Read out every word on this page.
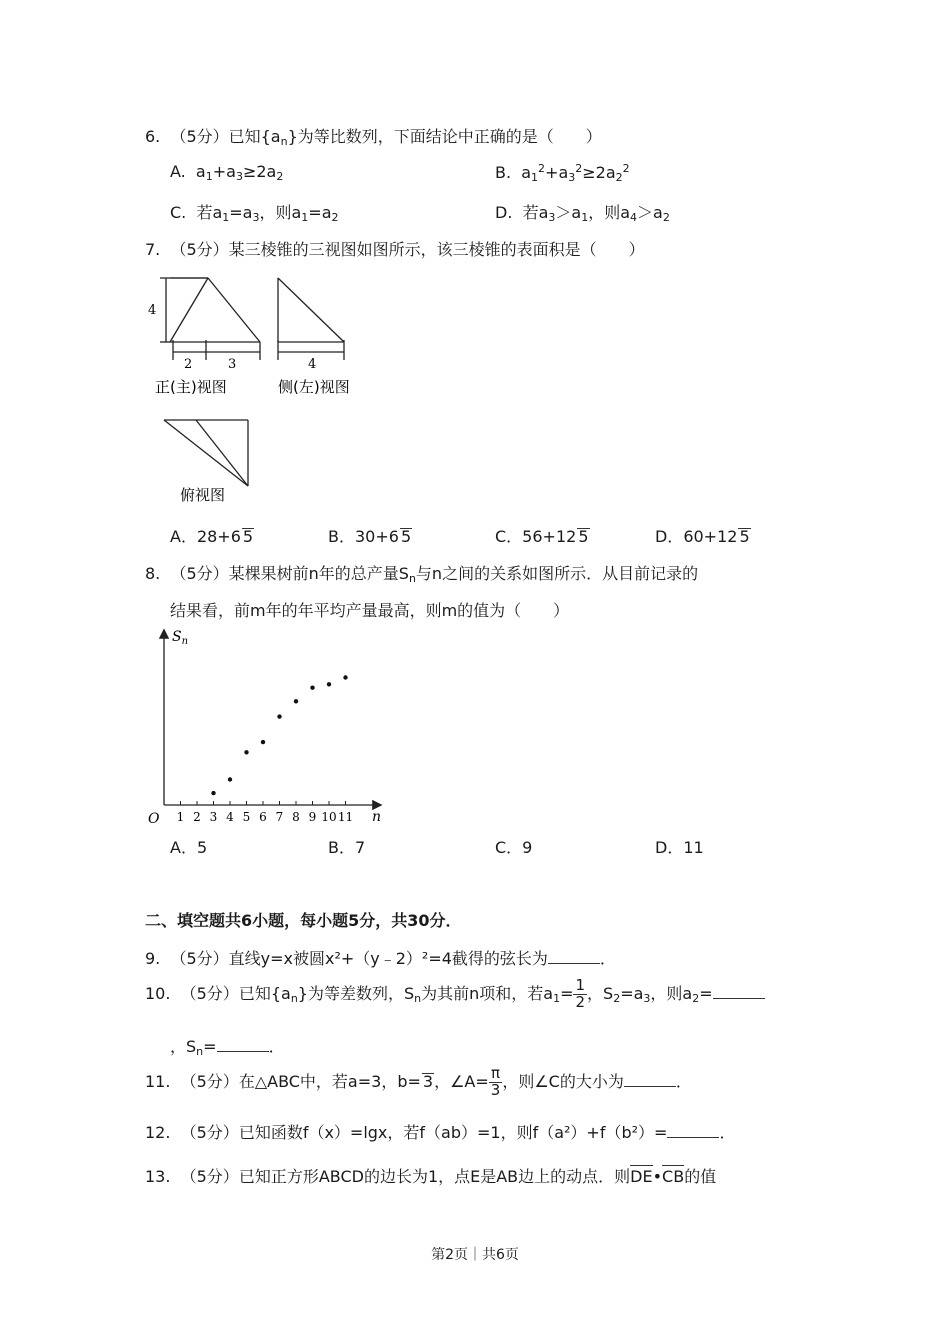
6. （5分）已知$\{a_n\}$为等比数列，下面结论中正确的是（　　）
A.  $a_1+a_3\ge 2a_2$	B.  $a_1^2+a_3^2\ge 2a_2^2$
C.  若$a_1=a_3$，则$a_1=a_2$	D.  若$a_3>a_1$，则$a_4>a_2$
7. （5分）某三棱锥的三视图如图所示，该三棱锥的表面积是（　　）
4
2	3
正(主)视图
4
侧(左)视图
俯视图
A．28+6 5	B．30+6 5	C．56+12 5	D．60+12 5
8. （5分）某棵果树前n年的总产量$S_n$与n之间的关系如图所示．从目前记录的
结果看，前m年的年平均产量最高，则m的值为（　　）
$S_n$
n
O 1 2 3 4 5 6 7 8 9 10 11
A．5	B．7	C．9	D．11
二、填空题共6小题，每小题5分，共30分．
9. （5分）直线y=x被圆x²+（y﹣2）²=4截得的弦长为	．
10. （5分）已知$\{a_n\}$为等差数列，$S_n$为其前n项和，若$a_1= \frac{1}{2}$ ，$S_2=a_3$，则$a_2=$
，$S_n=$	．
11. （5分）在△ABC中，若a=3，b= 3，∠A= $\frac{\pi}{3}$ ，则∠C的大小为	．
12. （5分）已知函数f（x）=lgx，若f（ab）=1，则f（a²）+f（b²）=	．
13. （5分）已知正方形ABCD的边长为1，点E是AB边上的动点．则DE•CB的值
第2页｜共6页
